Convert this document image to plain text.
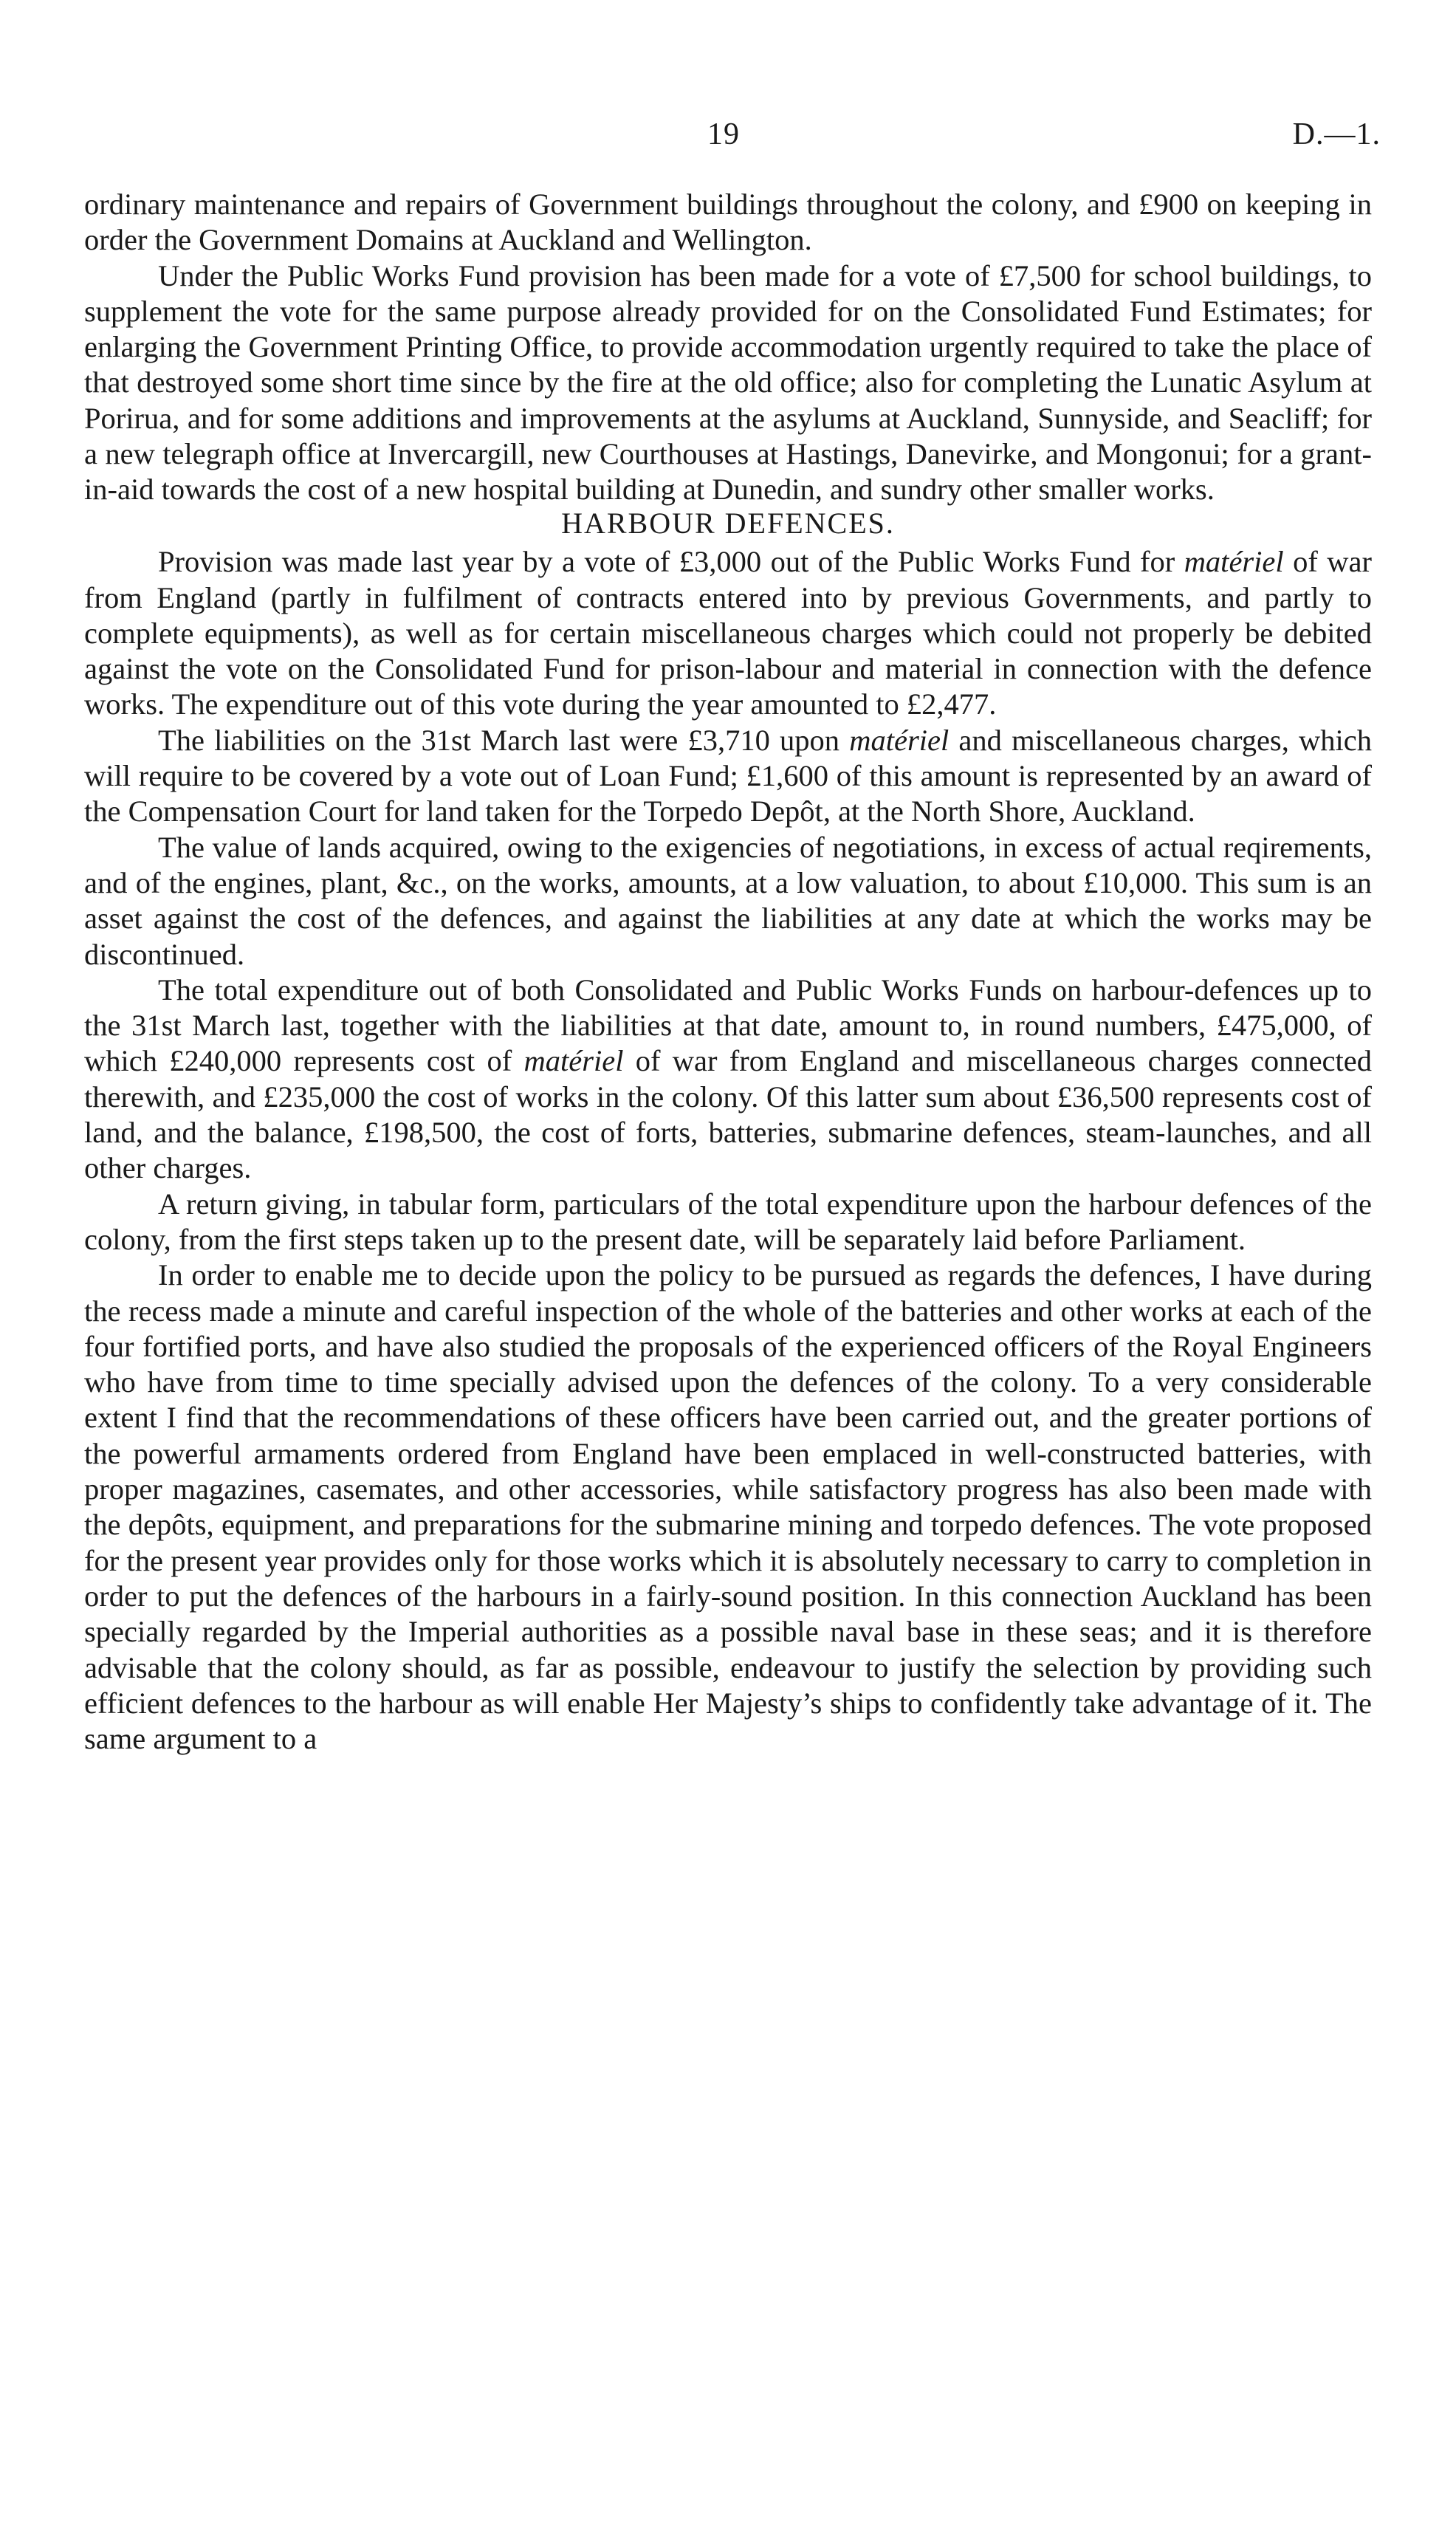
19	D.—1.

ordinary maintenance and repairs of Government buildings throughout the colony, and £900 on keeping in order the Government Domains at Auckland and Wellington.

Under the Public Works Fund provision has been made for a vote of £7,500 for school buildings, to supplement the vote for the same purpose already provided for on the Consolidated Fund Estimates; for enlarging the Government Printing Office, to provide accommodation urgently required to take the place of that destroyed some short time since by the fire at the old office; also for completing the Lunatic Asylum at Porirua, and for some additions and improvements at the asylums at Auckland, Sunnyside, and Seacliff; for a new telegraph office at Invercargill, new Courthouses at Hastings, Danevirke, and Mongonui; for a grant-in-aid towards the cost of a new hospital building at Dunedin, and sundry other smaller works.

HARBOUR DEFENCES.

Provision was made last year by a vote of £3,000 out of the Public Works Fund for matériel of war from England (partly in fulfilment of contracts entered into by previous Governments, and partly to complete equipments), as well as for certain miscellaneous charges which could not properly be debited against the vote on the Consolidated Fund for prison-labour and material in connection with the defence works. The expenditure out of this vote during the year amounted to £2,477.

The liabilities on the 31st March last were £3,710 upon matériel and miscellaneous charges, which will require to be covered by a vote out of Loan Fund; £1,600 of this amount is represented by an award of the Compensation Court for land taken for the Torpedo Depôt, at the North Shore, Auckland.

The value of lands acquired, owing to the exigencies of negotiations, in excess of actual reqirements, and of the engines, plant, &c., on the works, amounts, at a low valuation, to about £10,000. This sum is an asset against the cost of the defences, and against the liabilities at any date at which the works may be discontinued.

The total expenditure out of both Consolidated and Public Works Funds on harbour-defences up to the 31st March last, together with the liabilities at that date, amount to, in round numbers, £475,000, of which £240,000 represents cost of matériel of war from England and miscellaneous charges connected therewith, and £235,000 the cost of works in the colony. Of this latter sum about £36,500 represents cost of land, and the balance, £198,500, the cost of forts, batteries, submarine defences, steam-launches, and all other charges.

A return giving, in tabular form, particulars of the total expenditure upon the harbour defences of the colony, from the first steps taken up to the present date, will be separately laid before Parliament.

In order to enable me to decide upon the policy to be pursued as regards the defences, I have during the recess made a minute and careful inspection of the whole of the batteries and other works at each of the four fortified ports, and have also studied the proposals of the experienced officers of the Royal Engineers who have from time to time specially advised upon the defences of the colony. To a very considerable extent I find that the recommendations of these officers have been carried out, and the greater portions of the powerful armaments ordered from England have been emplaced in well-constructed batteries, with proper magazines, casemates, and other accessories, while satisfactory progress has also been made with the depôts, equipment, and preparations for the submarine mining and torpedo defences. The vote proposed for the present year provides only for those works which it is absolutely necessary to carry to completion in order to put the defences of the harbours in a fairly-sound position. In this connection Auckland has been specially regarded by the Imperial authorities as a possible naval base in these seas; and it is therefore advisable that the colony should, as far as possible, endeavour to justify the selection by providing such efficient defences to the harbour as will enable Her Majesty’s ships to confidently take advantage of it. The same argument to a
